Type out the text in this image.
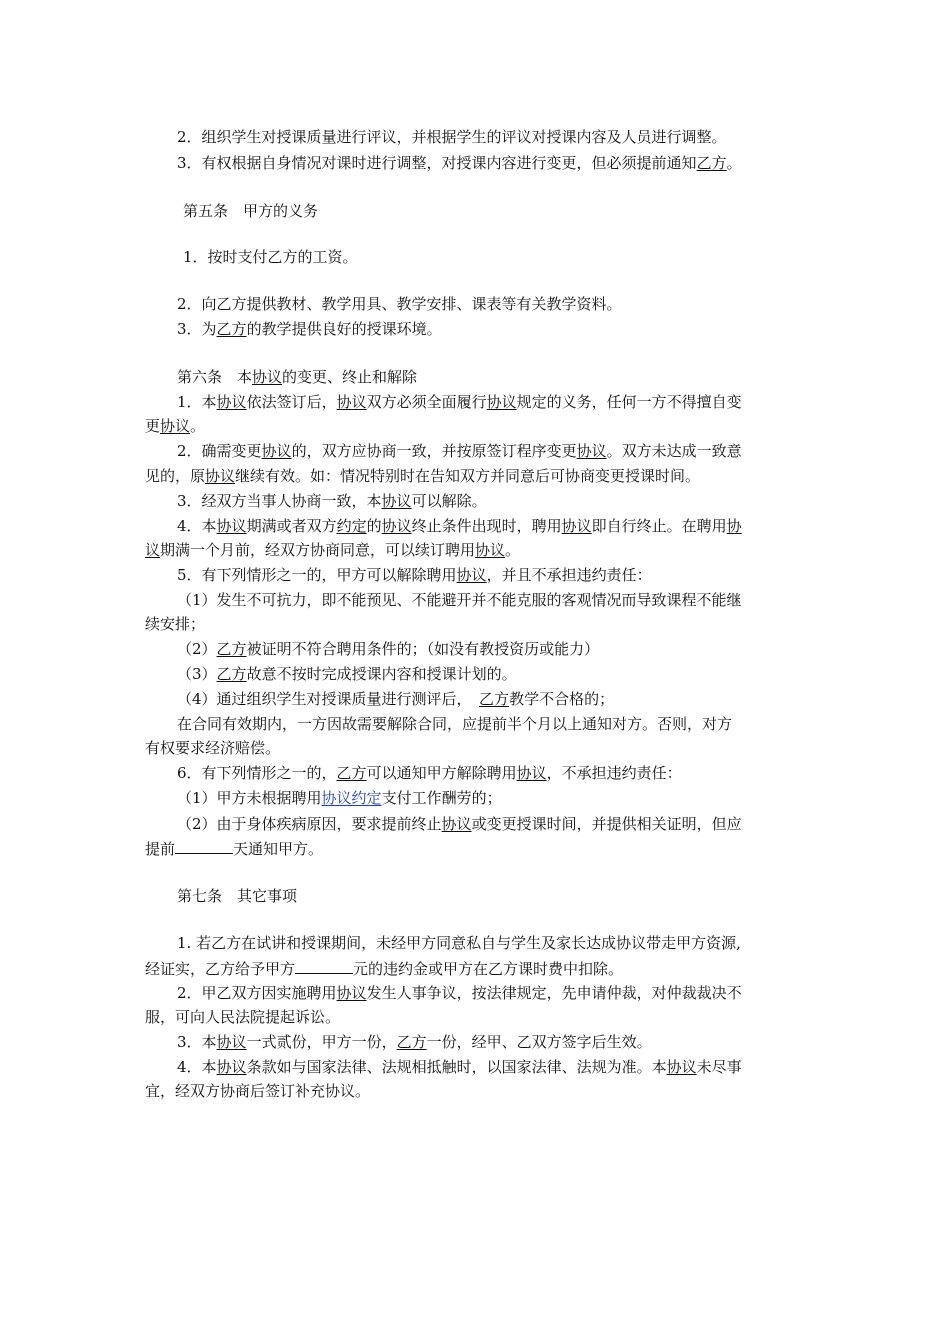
2．组织学生对授课质量进行评议，并根据学生的评议对授课内容及人员进行调整。
3．有权根据自身情况对课时进行调整，对授课内容进行变更，但必须提前通知乙方。
第五条　甲方的义务
1．按时支付乙方的工资。
2．向乙方提供教材、教学用具、教学安排、课表等有关教学资料。
3．为乙方的教学提供良好的授课环境。
第六条　本协议的变更、终止和解除
1．本协议依法签订后，协议双方必须全面履行协议规定的义务，任何一方不得擅自变
更协议。
2．确需变更协议的，双方应协商一致，并按原签订程序变更协议。双方未达成一致意
见的，原协议继续有效。如：情况特别时在告知双方并同意后可协商变更授课时间。
3．经双方当事人协商一致，本协议可以解除。
4．本协议期满或者双方约定的协议终止条件出现时，聘用协议即自行终止。在聘用协
议期满一个月前，经双方协商同意，可以续订聘用协议。
5．有下列情形之一的，甲方可以解除聘用协议，并且不承担违约责任：
（1）发生不可抗力，即不能预见、不能避开并不能克服的客观情况而导致课程不能继
续安排；
（2）乙方被证明不符合聘用条件的；（如没有教授资历或能力）
（3）乙方故意不按时完成授课内容和授课计划的。
（4）通过组织学生对授课质量进行测评后，　乙方教学不合格的；
在合同有效期内，一方因故需要解除合同，应提前半个月以上通知对方。否则，对方
有权要求经济赔偿。
6．有下列情形之一的，乙方可以通知甲方解除聘用协议，不承担违约责任：
（1）甲方未根据聘用协议约定支付工作酬劳的；
（2）由于身体疾病原因，要求提前终止协议或变更授课时间，并提供相关证明，但应
提前	天通知甲方。
第七条　其它事项
1. 若乙方在试讲和授课期间，未经甲方同意私自与学生及家长达成协议带走甲方资源,
经证实，乙方给予甲方	元的违约金或甲方在乙方课时费中扣除。
2．甲乙双方因实施聘用协议发生人事争议，按法律规定，先申请仲裁，对仲裁裁决不
服，可向人民法院提起诉讼。
3．本协议一式贰份，甲方一份，乙方一份，经甲、乙双方签字后生效。
4．本协议条款如与国家法律、法规相抵触时，以国家法律、法规为准。本协议未尽事
宜，经双方协商后签订补充协议。
